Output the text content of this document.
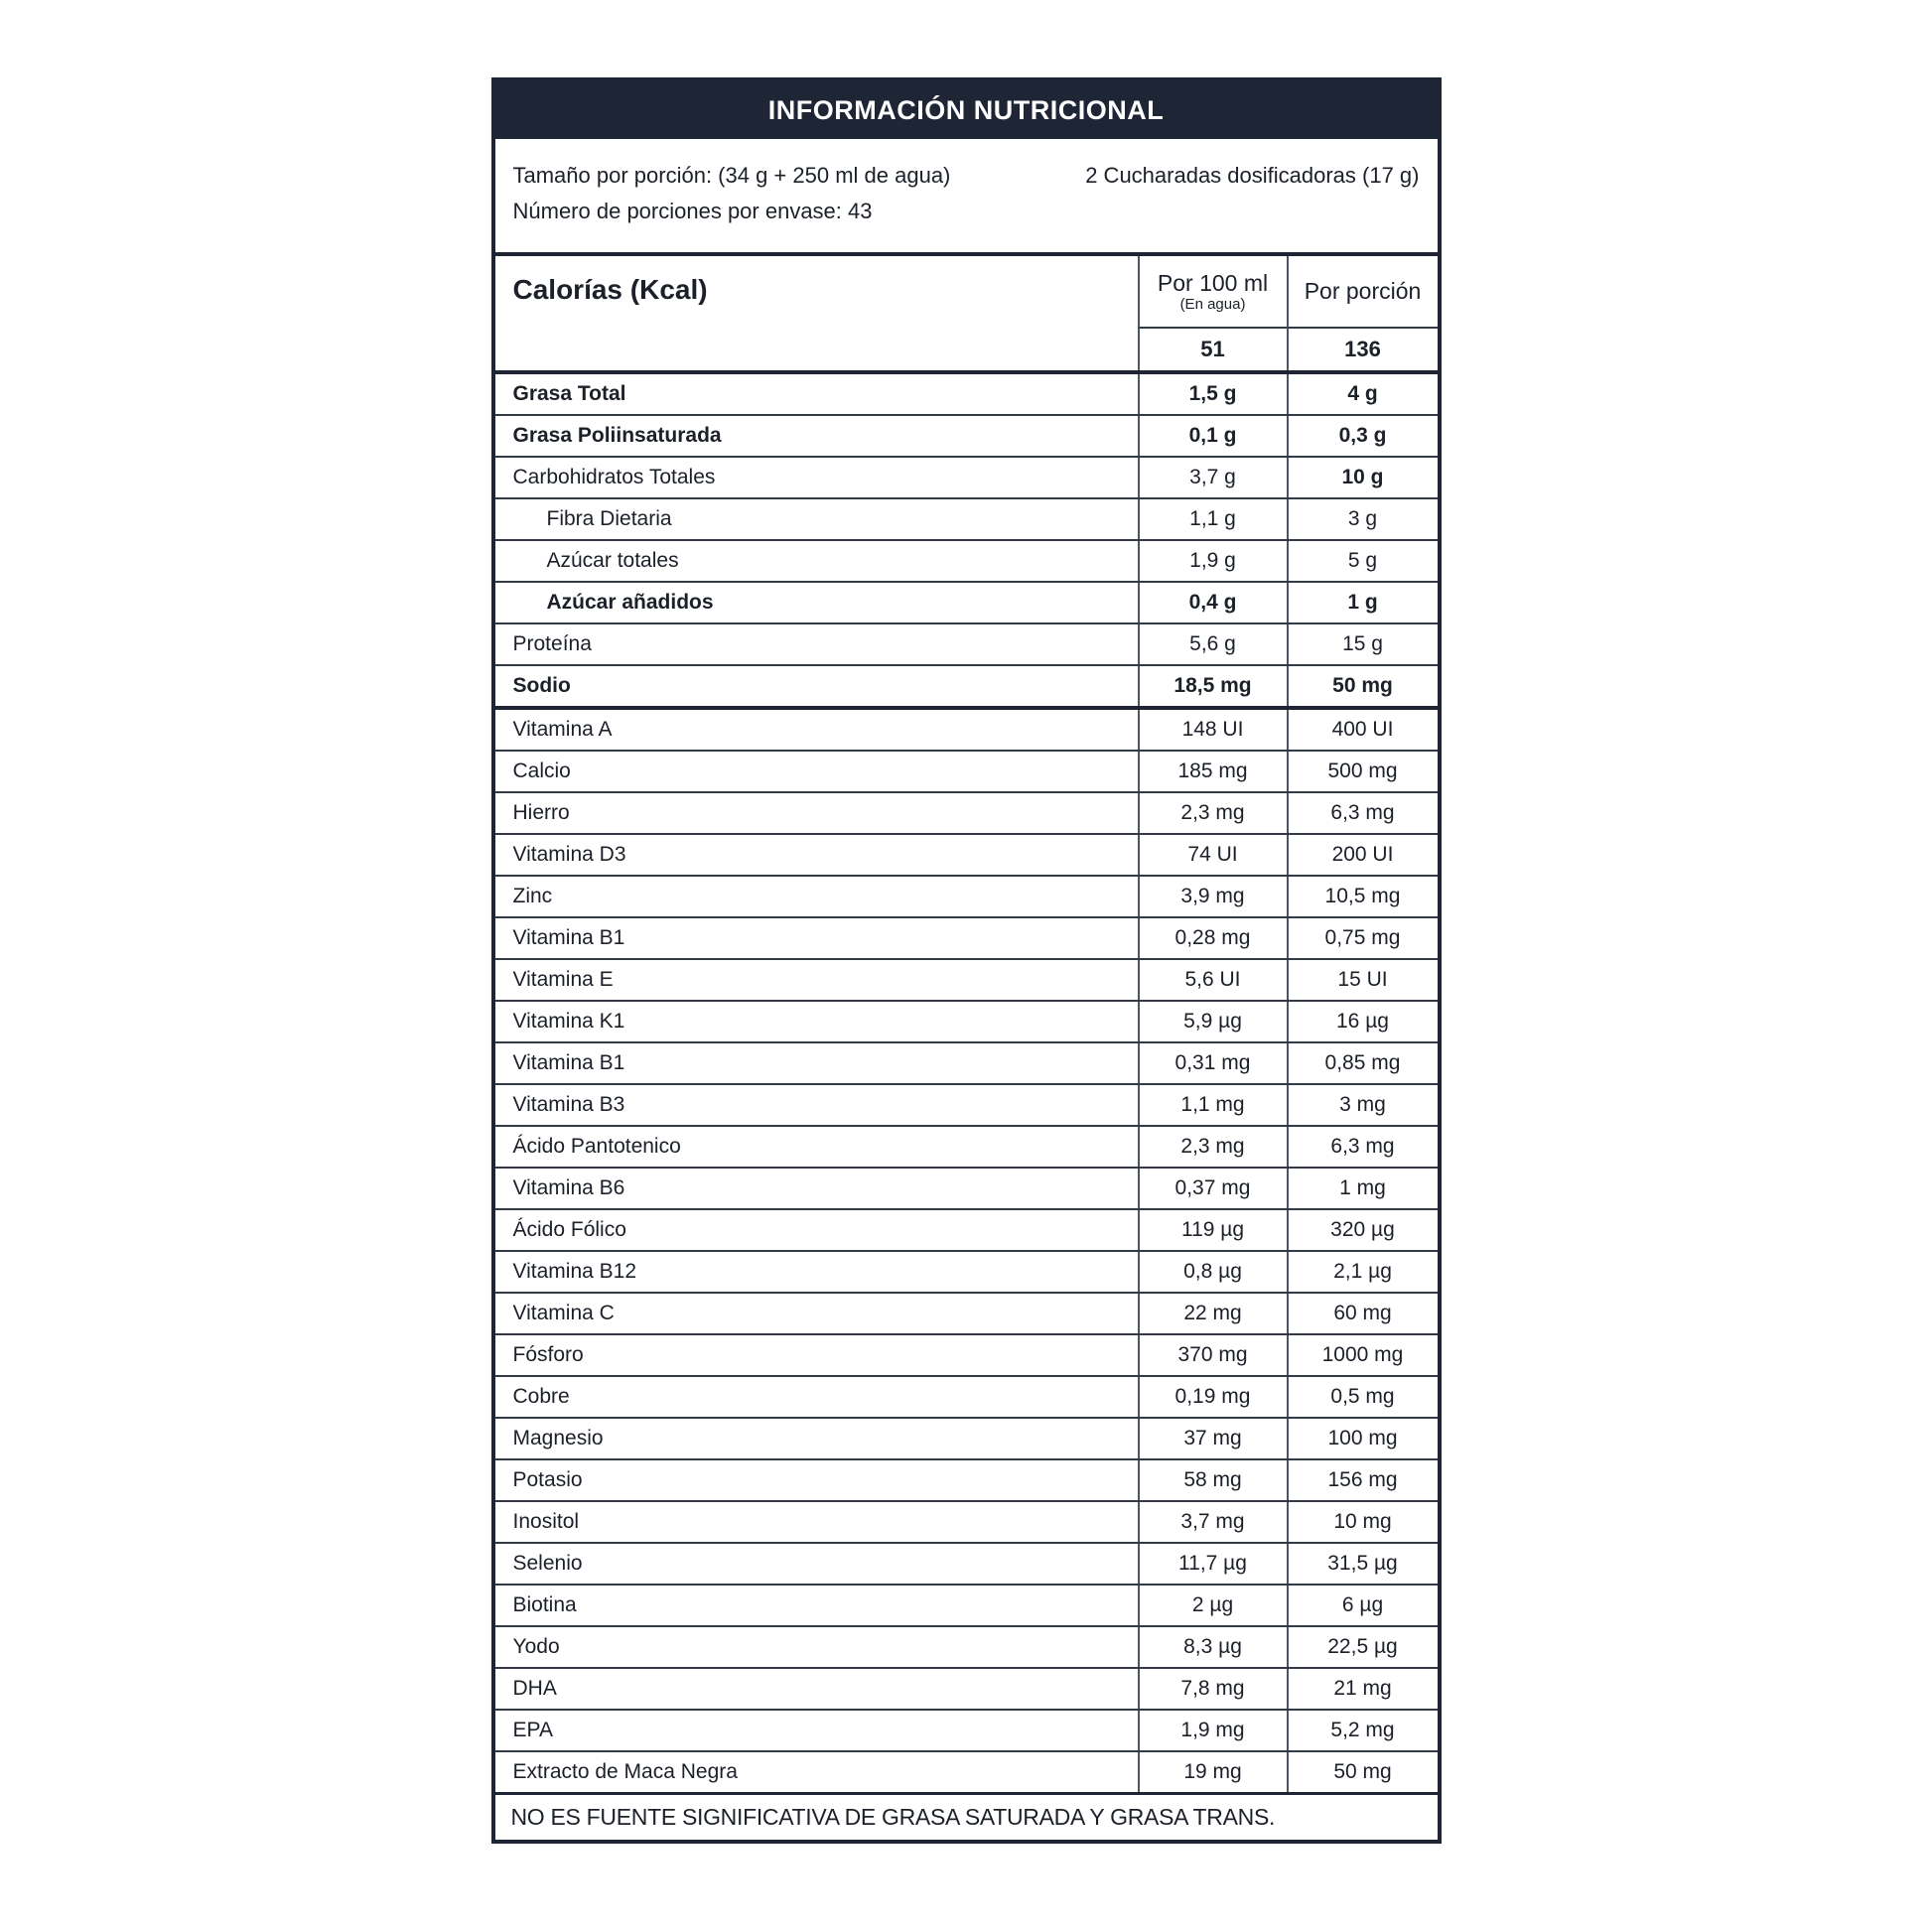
INFORMACIÓN NUTRICIONAL
Tamaño por porción: (34 g + 250 ml de agua)	2 Cucharadas dosificadoras (17 g)
Número de porciones por envase: 43
Calorías (Kcal)	Por 100 ml
(En agua)
Por porción
51	136
Grasa Total	1,5 g	4 g
Grasa Poliinsaturada	0,1 g	0,3 g
Carbohidratos Totales	3,7 g	10 g
Fibra Dietaria	1,1 g	3 g
Azúcar totales	1,9 g	5 g
Azúcar añadidos	0,4 g	1 g
Proteína	5,6 g	15 g
Sodio	18,5 mg	50 mg
Vitamina A	148 UI	400 UI
Calcio	185 mg	500 mg
Hierro	2,3 mg	6,3 mg
Vitamina D3	74 UI	200 UI
Zinc	3,9 mg	10,5 mg
Vitamina B1	0,28 mg	0,75 mg
Vitamina E	5,6 UI	15 UI
Vitamina K1	5,9 µg	16 µg
Vitamina B1	0,31 mg	0,85 mg
Vitamina B3	1,1 mg	3 mg
Ácido Pantotenico	2,3 mg	6,3 mg
Vitamina B6	0,37 mg	1 mg
Ácido Fólico	119 µg	320 µg
Vitamina B12	0,8 µg	2,1 µg
Vitamina C	22 mg	60 mg
Fósforo	370 mg	1000 mg
Cobre	0,19 mg	0,5 mg
Magnesio	37 mg	100 mg
Potasio	58 mg	156 mg
Inositol	3,7 mg	10 mg
Selenio	11,7 µg	31,5 µg
Biotina	2 µg	6 µg
Yodo	8,3 µg	22,5 µg
DHA	7,8 mg	21 mg
EPA	1,9 mg	5,2 mg
Extracto de Maca Negra	19 mg	50 mg
NO ES FUENTE SIGNIFICATIVA DE GRASA SATURADA Y GRASA TRANS.
